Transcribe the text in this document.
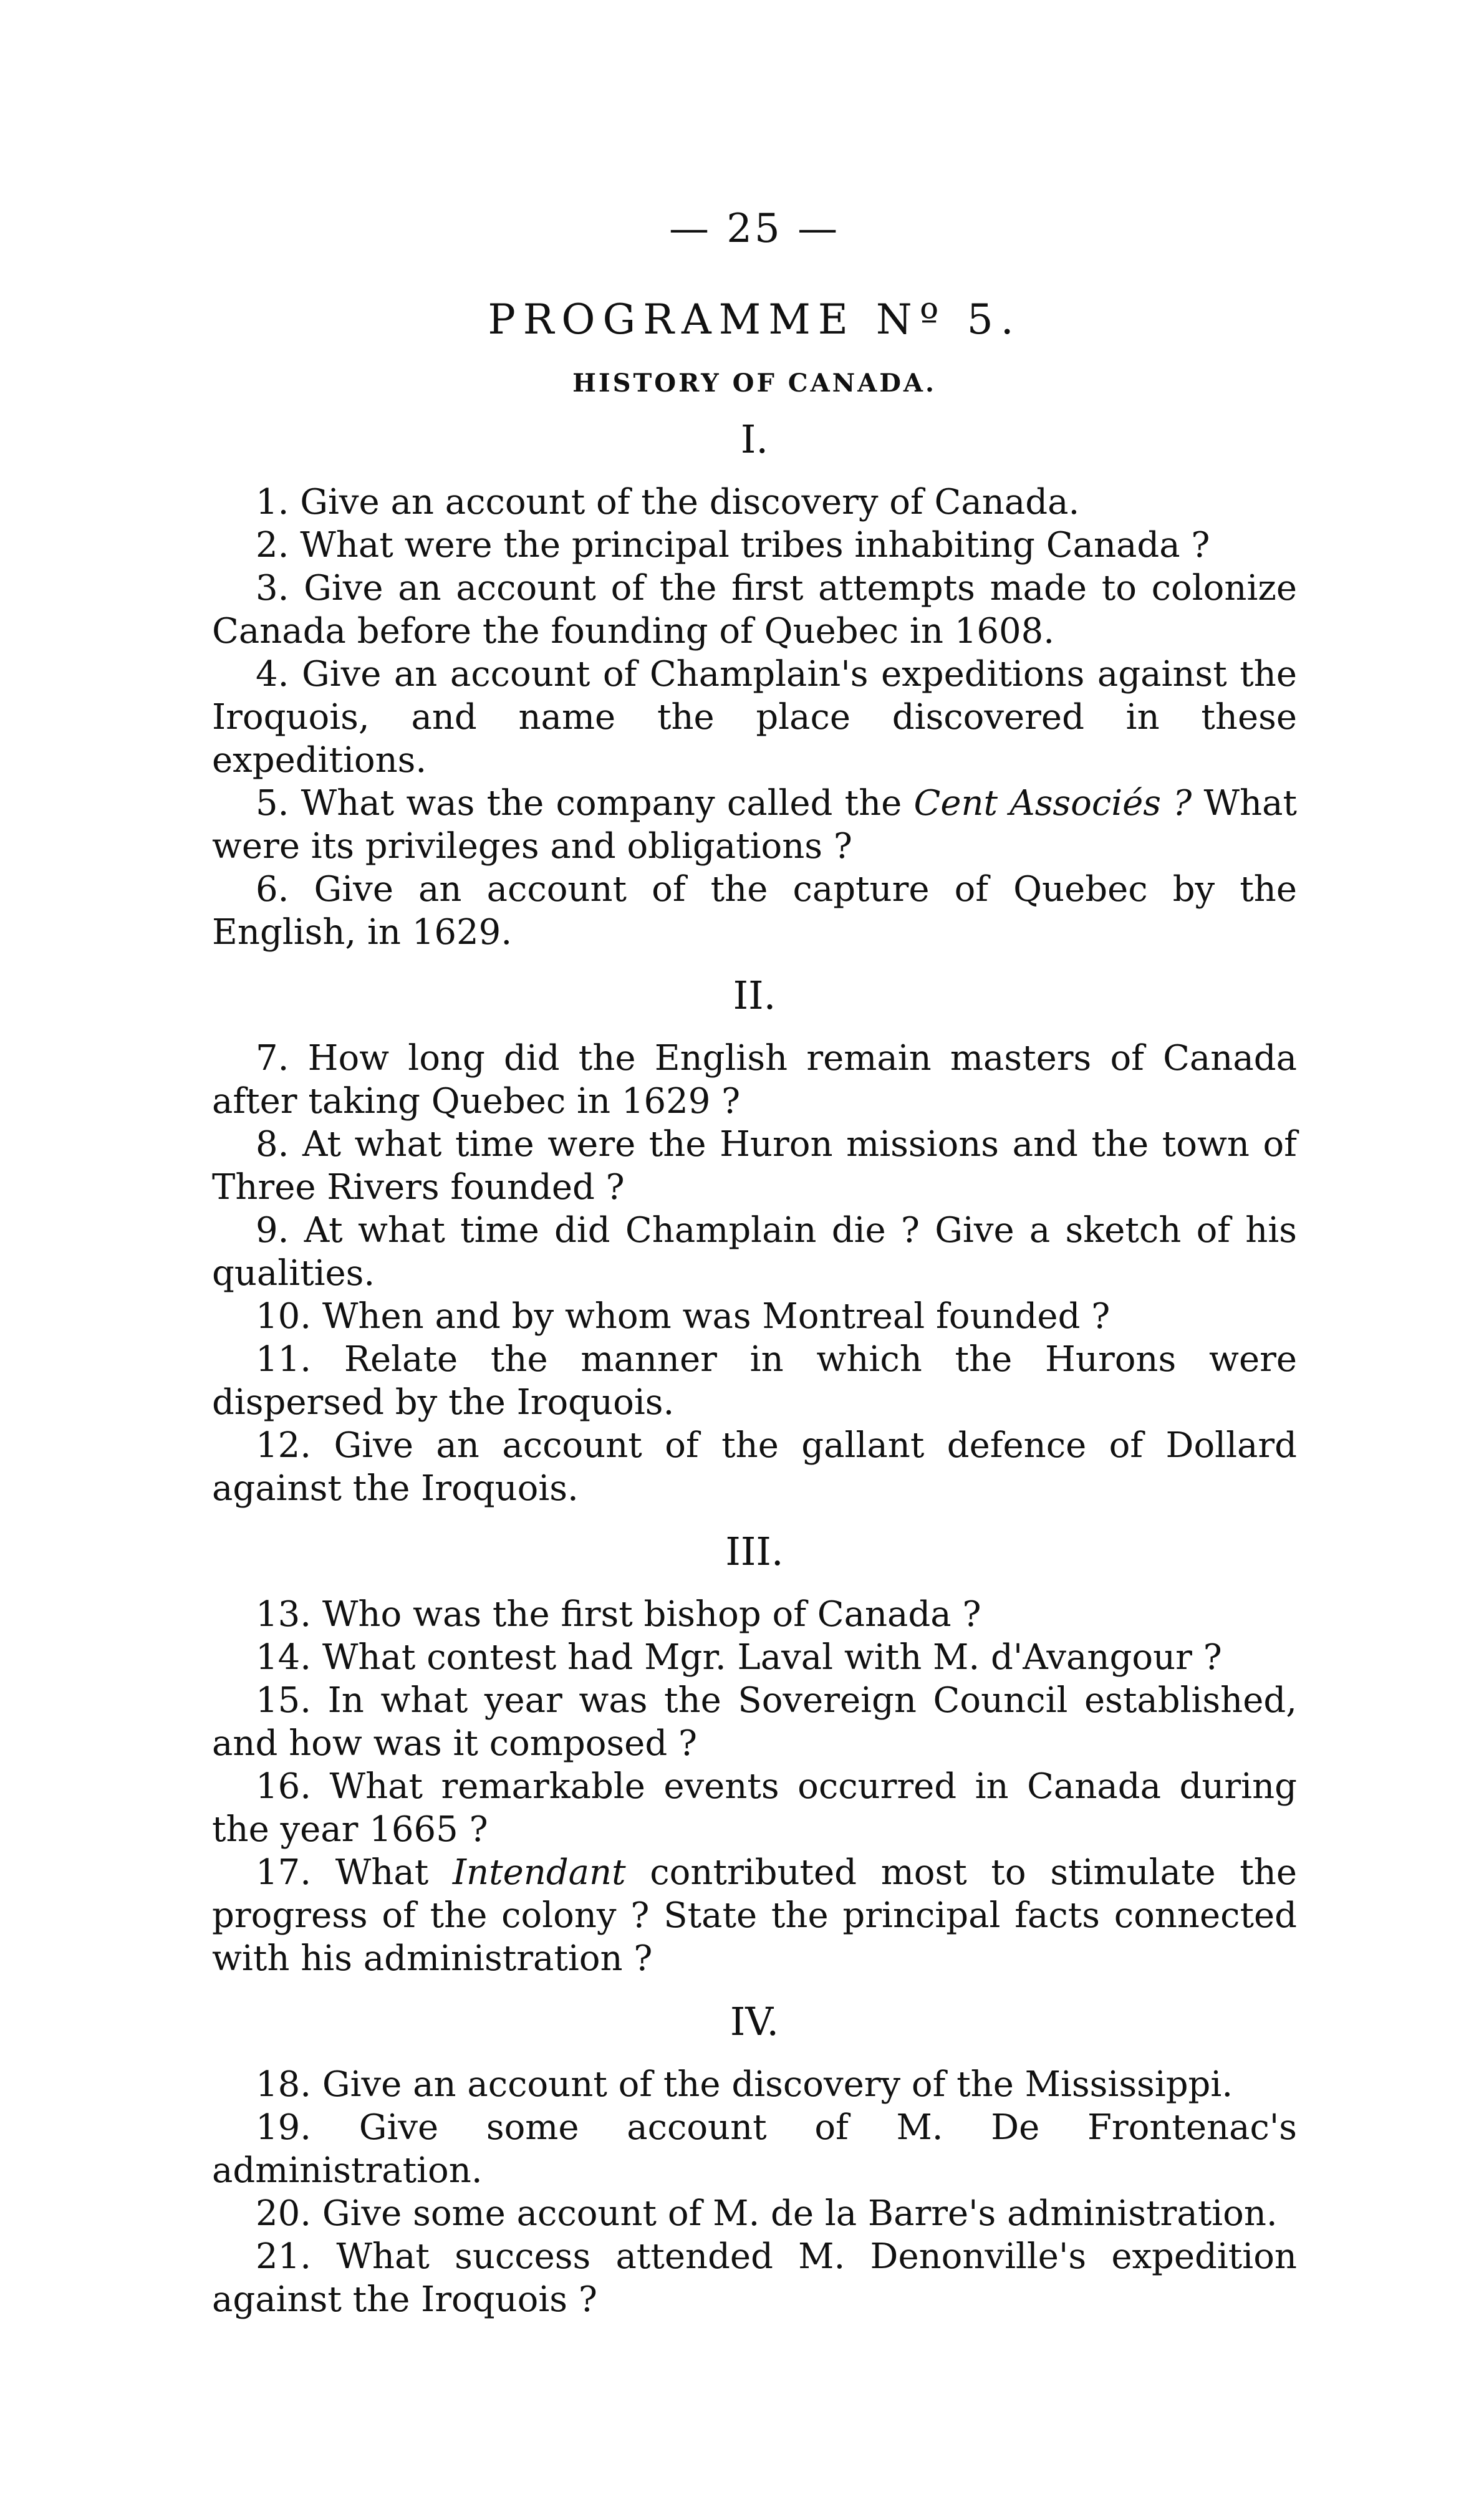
— 25 —
PROGRAMME Nº 5.
HISTORY OF CANADA.
I.

1. Give an account of the discovery of Canada.

2. What were the principal tribes inhabiting Canada ?

3. Give an account of the first attempts made to colonize Canada before the founding of Quebec in 1608.

4. Give an account of Champlain's expeditions against the Iroquois, and name the place discovered in these expeditions.

5. What was the company called the Cent Associés ? What were its privileges and obligations ?

6. Give an account of the capture of Quebec by the English, in 1629.

II.

7. How long did the English remain masters of Canada after taking Quebec in 1629 ?

8. At what time were the Huron missions and the town of Three Rivers founded ?

9. At what time did Champlain die ? Give a sketch of his qualities.

10. When and by whom was Montreal founded ?

11. Relate the manner in which the Hurons were dispersed by the Iroquois.

12. Give an account of the gallant defence of Dollard against the Iroquois.

III.

13. Who was the first bishop of Canada ?

14. What contest had Mgr. Laval with M. d'Avangour ?

15. In what year was the Sovereign Council established, and how was it composed ?

16. What remarkable events occurred in Canada during the year 1665 ?

17. What Intendant contributed most to stimulate the progress of the colony ? State the principal facts connected with his administration ?

IV.

18. Give an account of the discovery of the Mississippi.

19. Give some account of M. De Frontenac's administration.

20. Give some account of M. de la Barre's administration.

21. What success attended M. Denonville's expedition against the Iroquois ?
